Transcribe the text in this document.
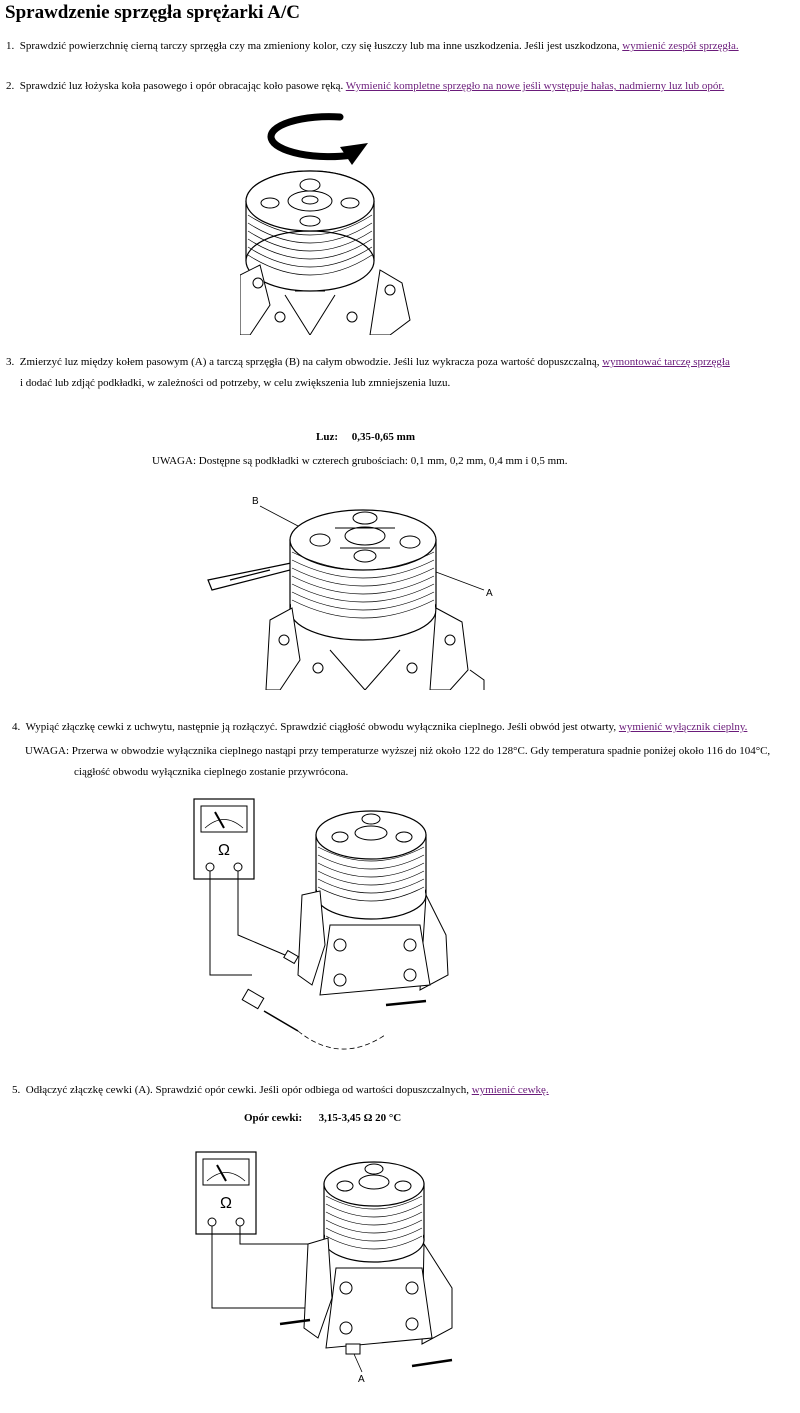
Sprawdzenie sprzęgła sprężarki A/C
1. Sprawdzić powierzchnię cierną tarczy sprzęgła czy ma zmieniony kolor, czy się łuszczy lub ma inne uszkodzenia. Jeśli jest uszkodzona, wymienić zespół sprzęgła.
2. Sprawdzić luz łożyska koła pasowego i opór obracając koło pasowe ręką. Wymienić kompletne sprzęgło na nowe jeśli występuje hałas, nadmierny luz lub opór.
3. Zmierzyć luz między kołem pasowym (A) a tarczą sprzęgła (B) na całym obwodzie. Jeśli luz wykracza poza wartość dopuszczalną, wymontować tarczę sprzęgła
i dodać lub zdjąć podkładki, w zależności od potrzeby, w celu zwiększenia lub zmniejszenia luzu.
Luz: 0,35-0,65 mm
UWAGA: Dostępne są podkładki w czterech grubościach: 0,1 mm, 0,2 mm, 0,4 mm i 0,5 mm.
B
A
4. Wypiąć złączkę cewki z uchwytu, następnie ją rozłączyć. Sprawdzić ciągłość obwodu wyłącznika cieplnego. Jeśli obwód jest otwarty, wymienić wyłącznik cieplny.
UWAGA: Przerwa w obwodzie wyłącznika cieplnego nastąpi przy temperaturze wyższej niż około 122 do 128°C. Gdy temperatura spadnie poniżej około 116 do 104°C,
ciągłość obwodu wyłącznika cieplnego zostanie przywrócona.
Ω
5. Odłączyć złączkę cewki (A). Sprawdzić opór cewki. Jeśli opór odbiega od wartości dopuszczalnych, wymienić cewkę.
Opór cewki: 3,15-3,45 Ω 20 °C
Ω
A
